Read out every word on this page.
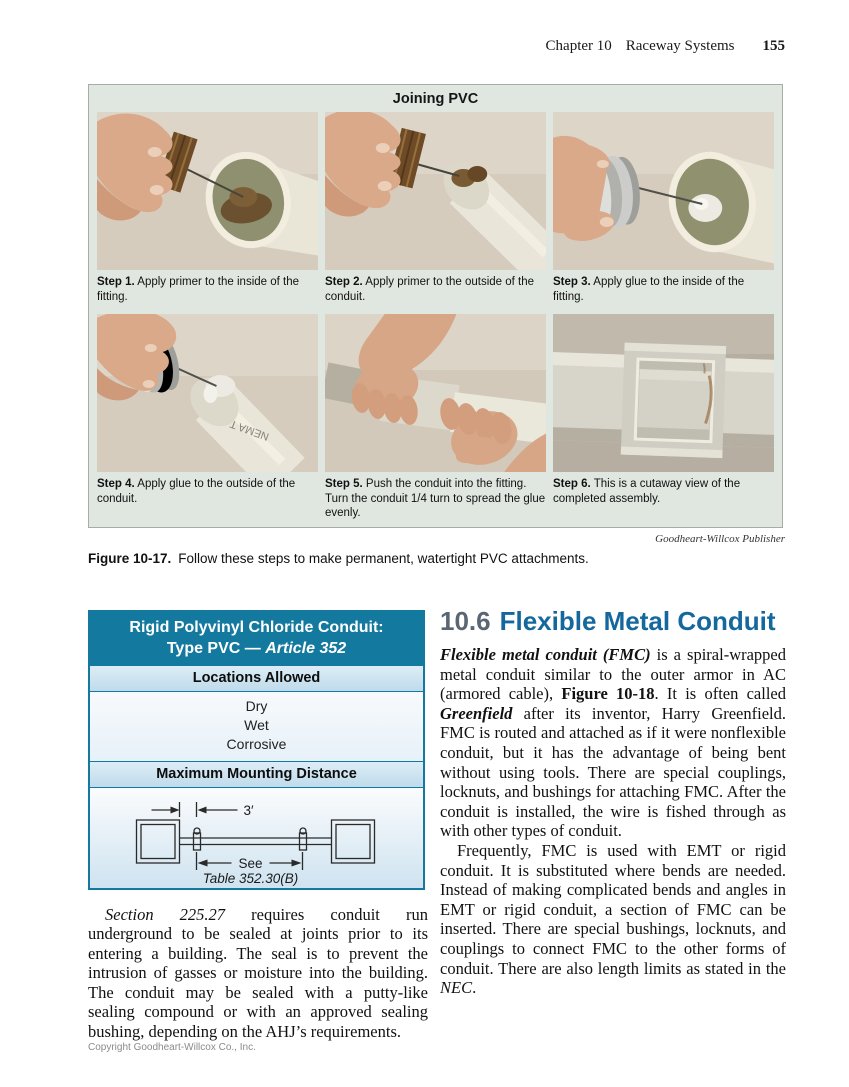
Chapter 10 Raceway Systems 155
Joining PVC
Step 1. Apply primer to the inside of the fitting.
Step 2. Apply primer to the outside of the conduit.
Step 3. Apply glue to the inside of the fitting.
NEMA T
Step 4. Apply glue to the outside of the conduit.
Step 5. Push the conduit into the fitting. Turn the conduit 1/4 turn to spread the glue evenly.
Step 6. This is a cutaway view of the completed assembly.
Goodheart-Willcox Publisher
Figure 10-17. Follow these steps to make permanent, watertight PVC attachments.
Rigid Polyvinyl Chloride Conduit:
Type PVC — Article 352
Locations Allowed
Dry
Wet
Corrosive
Maximum Mounting Distance
3′
See
Table 352.30(B)

Section 225.27 requires conduit run underground to be sealed at joints prior to its entering a building. The seal is to prevent the intrusion of gasses or moisture into the building. The conduit may be sealed with a putty-like sealing compound or with an approved sealing bushing, depending on the AHJ’s requirements.

10.6 Flexible Metal Conduit

Flexible metal conduit (FMC) is a spiral-wrapped metal conduit similar to the outer armor in AC (armored cable), Figure 10-18. It is often called Greenfield after its inventor, Harry Greenfield. FMC is routed and attached as if it were nonflexible conduit, but it has the advantage of being bent without using tools. There are special couplings, locknuts, and bushings for attaching FMC. After the conduit is installed, the wire is fished through as with other types of conduit.

Frequently, FMC is used with EMT or rigid conduit. It is substituted where bends are needed. Instead of making complicated bends and angles in EMT or rigid conduit, a section of FMC can be inserted. There are special bushings, locknuts, and couplings to connect FMC to the other forms of conduit. There are also length limits as stated in the NEC.

Copyright Goodheart-Willcox Co., Inc.
